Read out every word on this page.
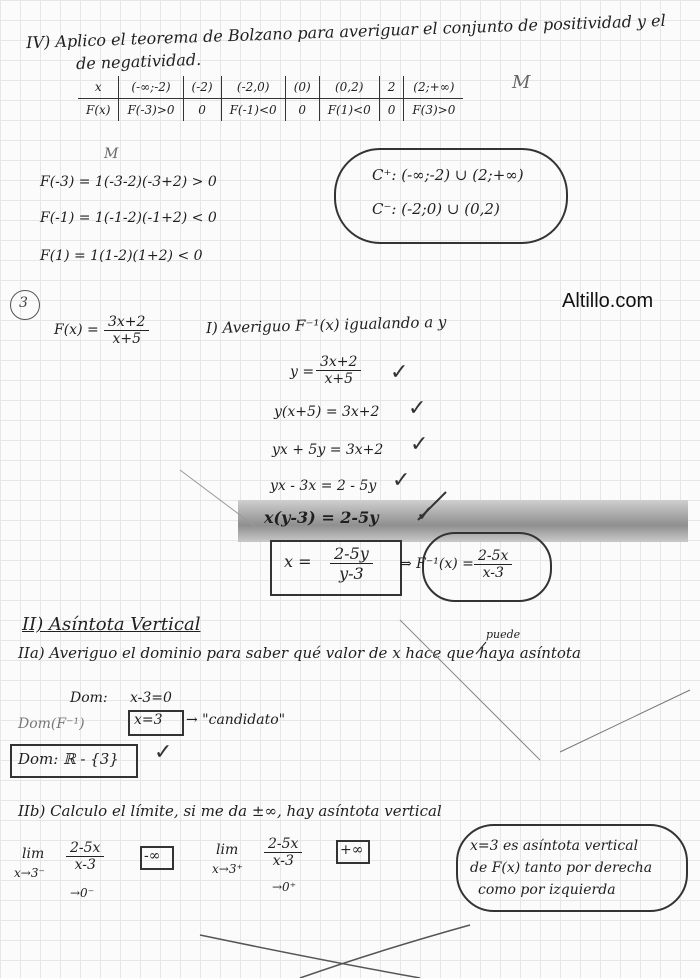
IV) Aplico el teorema de Bolzano para averiguar el conjunto de positividad y el
de negatividad.
x	(-∞;-2)	(-2)	(-2,0)	(0)	(0,2)	2	(2;+∞)
F(x)	F(-3)>0	0	F(-1)<0	0	F(1)<0	0	F(3)>0
M
M
F(-3) = 1(-3-2)(-3+2) > 0
F(-1) = 1(-1-2)(-1+2) < 0
F(1) = 1(1-2)(1+2) < 0
C⁺: (-∞;-2) ∪ (2;+∞)
C⁻: (-2;0) ∪ (0,2)
Altillo.com
3
$F(x) = \frac{3x+2}{x+5}$	I) Averiguo F⁻¹(x) igualando a y
$y = \frac{3x+2}{x+5}$ ✓
y(x+5) = 3x+2 ✓
yx + 5y = 3x+2 ✓
yx - 3x = 2 - 5y ✓
x(y-3) = 2-5y ✓
$x = \frac{2-5y}{y-3}$ ⇒ $F^{-1}(x) = \frac{2-5x}{x-3}$
II) Asíntota Vertical	puede
IIa) Averiguo el dominio para saber qué valor de x hace que haya asíntota
Dom: x-3=0
x=3 → "candidato"
Dom(F⁻¹)
Dom: ℝ - {3} ✓
IIb) Calculo el límite, si me da ±∞, hay asíntota vertical
lim
$x\to 3^- \frac{2-5x}{x-3}$
→0⁻
-∞	lim
$x\to 3^+ \frac{2-5x}{x-3}$
→0⁺
+∞	x=3 es asíntota vertical
de F(x) tanto por derecha
como por izquierda
